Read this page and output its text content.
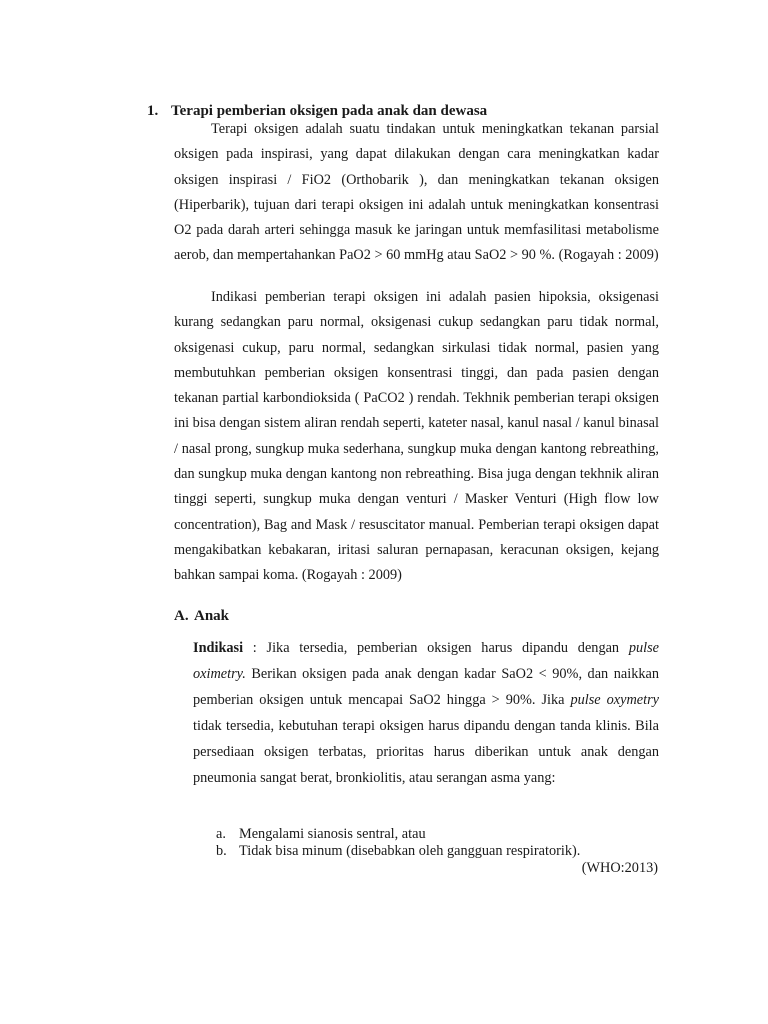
1. Terapi pemberian oksigen pada anak dan dewasa
Terapi oksigen adalah suatu tindakan untuk meningkatkan tekanan parsial oksigen pada inspirasi, yang dapat dilakukan dengan cara meningkatkan kadar oksigen inspirasi / FiO2 (Orthobarik ), dan meningkatkan tekanan oksigen (Hiperbarik), tujuan dari terapi oksigen ini adalah untuk meningkatkan konsentrasi O2 pada darah arteri sehingga masuk ke jaringan untuk memfasilitasi metabolisme aerob, dan mempertahankan PaO2 > 60 mmHg atau SaO2 > 90 %. (Rogayah : 2009)
Indikasi pemberian terapi oksigen ini adalah pasien hipoksia, oksigenasi kurang sedangkan paru normal, oksigenasi cukup sedangkan paru tidak normal, oksigenasi cukup, paru normal, sedangkan sirkulasi tidak normal, pasien yang membutuhkan pemberian oksigen konsentrasi tinggi, dan pada pasien dengan tekanan partial karbondioksida ( PaCO2 ) rendah. Tekhnik pemberian terapi oksigen ini bisa dengan sistem aliran rendah seperti, kateter nasal, kanul nasal / kanul binasal / nasal prong, sungkup muka sederhana, sungkup muka dengan kantong rebreathing, dan sungkup muka dengan kantong non rebreathing. Bisa juga dengan tekhnik aliran tinggi seperti, sungkup muka dengan venturi / Masker Venturi (High flow low concentration), Bag and Mask / resuscitator manual. Pemberian terapi oksigen dapat mengakibatkan kebakaran, iritasi saluran pernapasan, keracunan oksigen, kejang bahkan sampai koma. (Rogayah : 2009)
A. Anak
Indikasi : Jika tersedia, pemberian oksigen harus dipandu dengan pulse oximetry. Berikan oksigen pada anak dengan kadar SaO2 < 90%, dan naikkan pemberian oksigen untuk mencapai SaO2 hingga > 90%. Jika pulse oxymetry tidak tersedia, kebutuhan terapi oksigen harus dipandu dengan tanda klinis. Bila persediaan oksigen terbatas, prioritas harus diberikan untuk anak dengan pneumonia sangat berat, bronkiolitis, atau serangan asma yang:
a. Mengalami sianosis sentral, atau
b. Tidak bisa minum (disebabkan oleh gangguan respiratorik).
(WHO:2013)
